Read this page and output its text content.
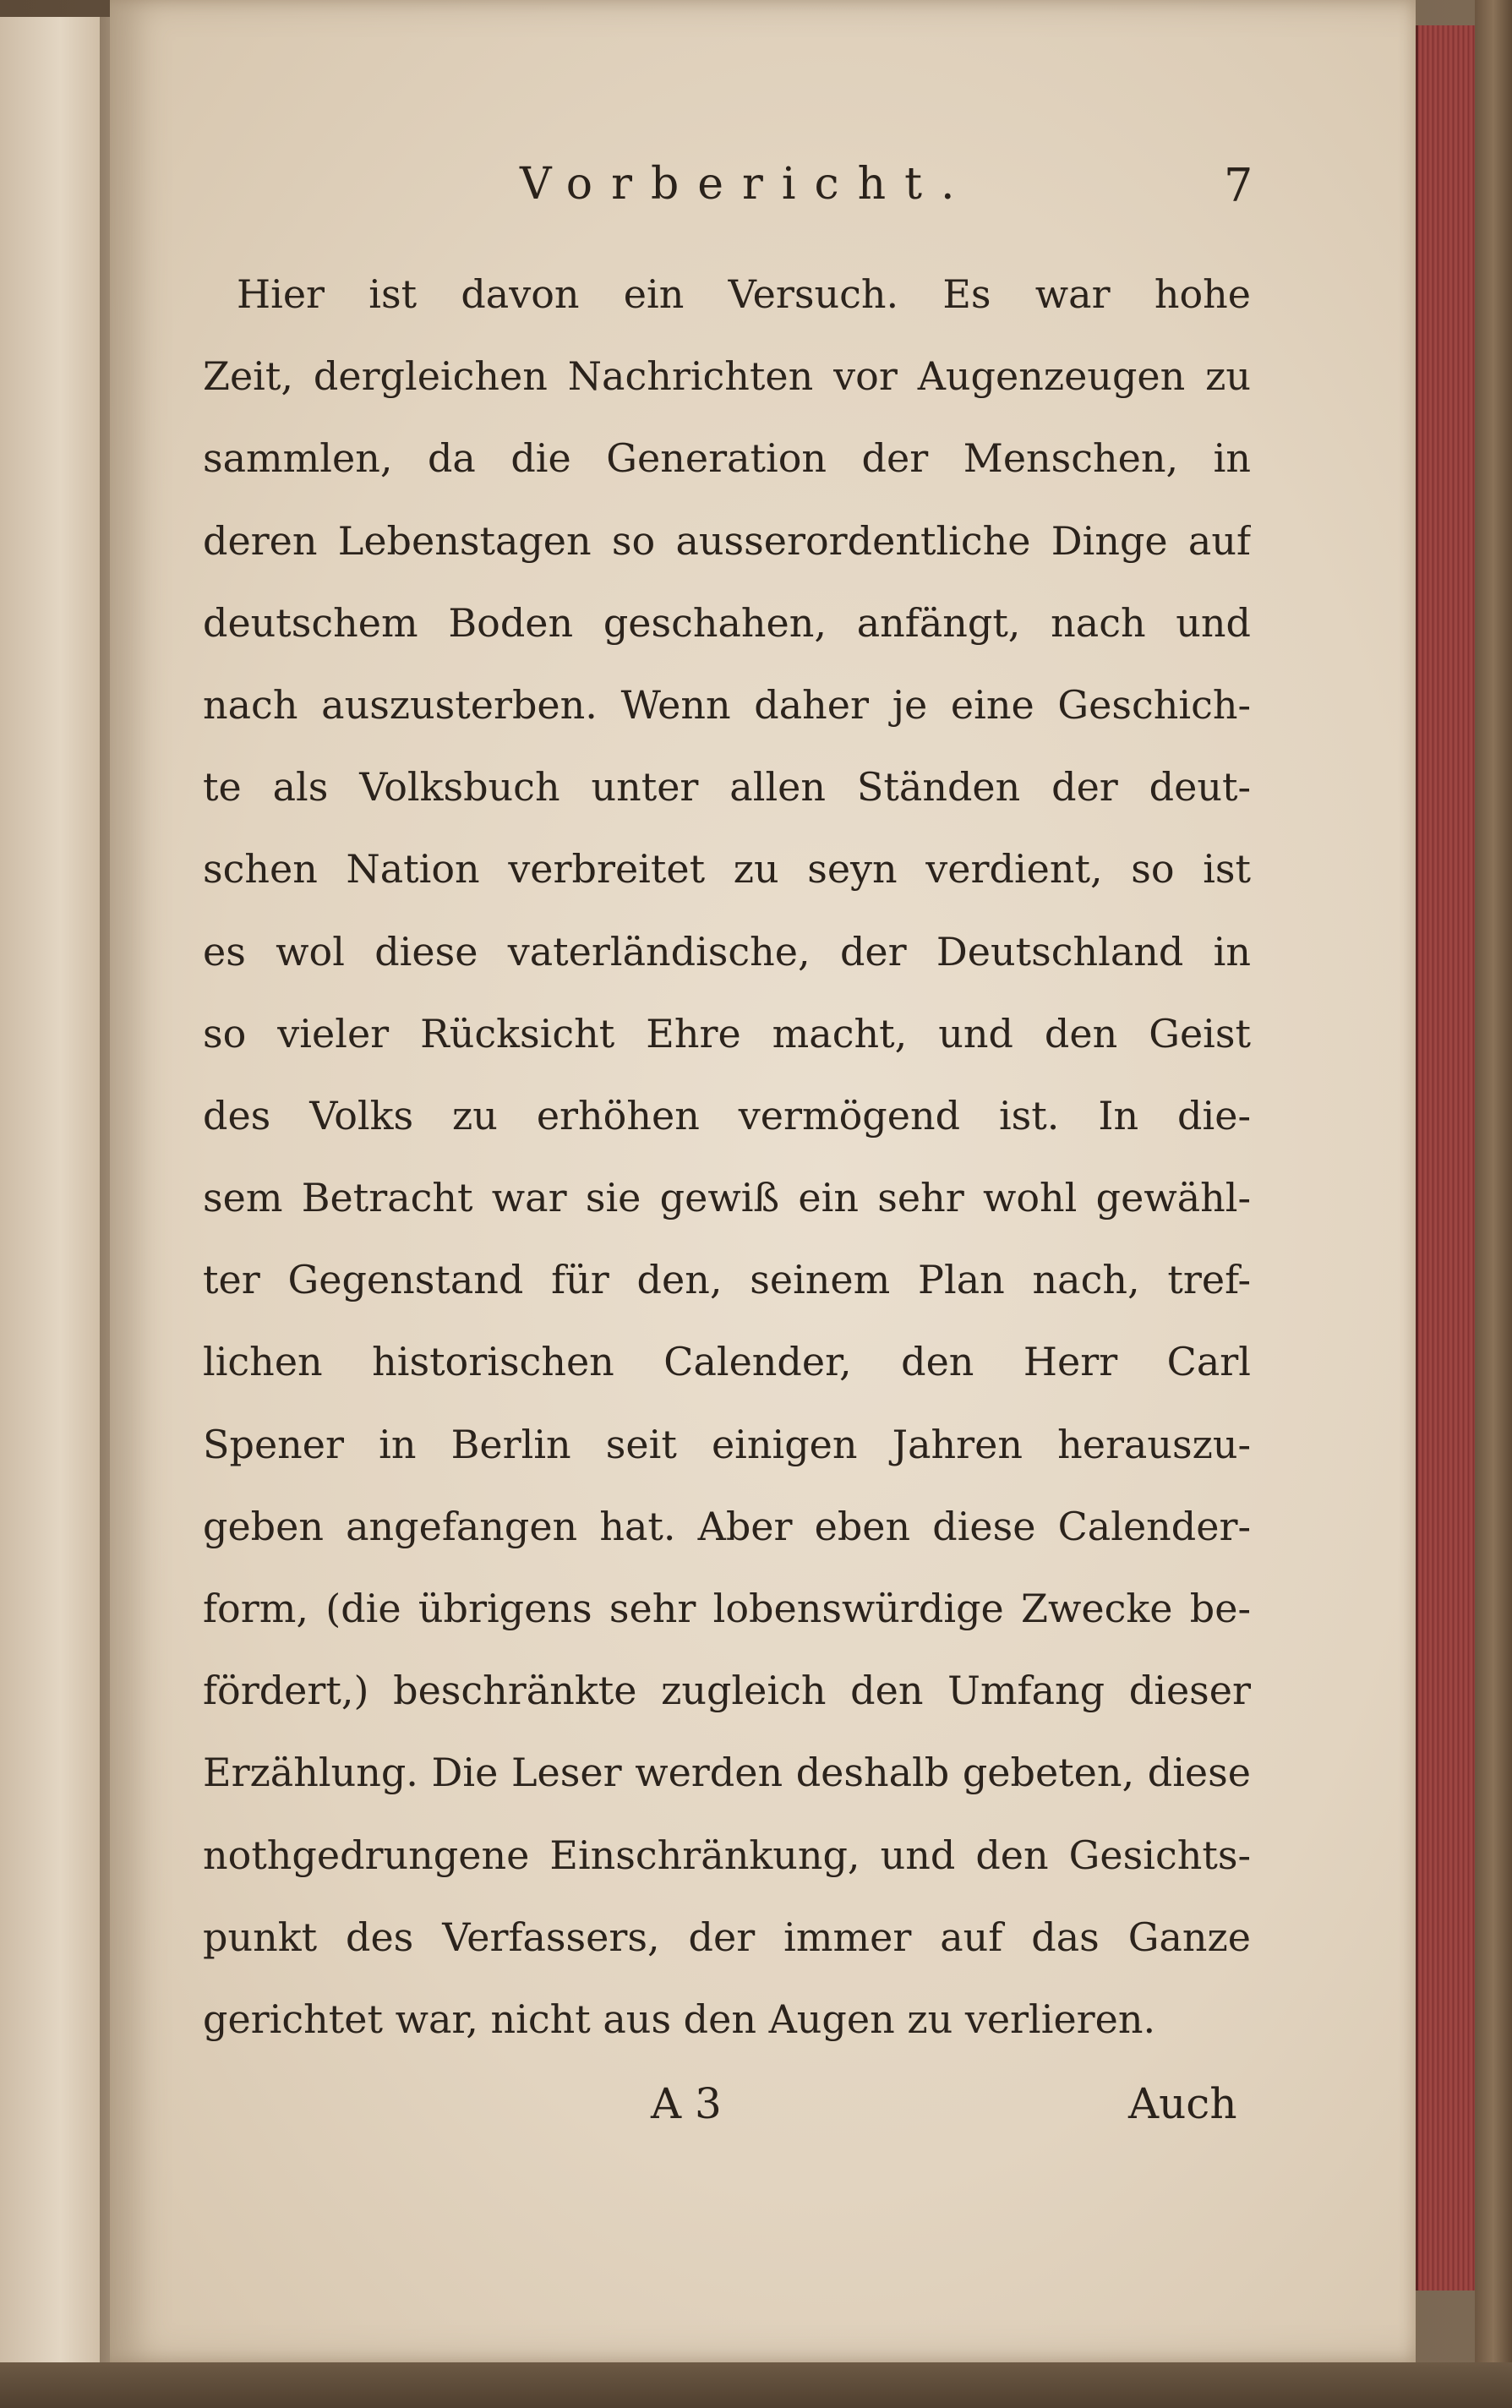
Vorbericht.	7
Hier ist davon ein Versuch. Es war hohe
Zeit, dergleichen Nachrichten vor Augenzeugen zu
sammlen, da die Generation der Menschen, in
deren Lebenstagen so ausserordentliche Dinge auf
deutschem Boden geschahen, anfängt, nach und
nach auszusterben. Wenn daher je eine Geschich-
te als Volksbuch unter allen Ständen der deut-
schen Nation verbreitet zu seyn verdient, so ist
es wol diese vaterländische, der Deutschland in
so vieler Rücksicht Ehre macht, und den Geist
des Volks zu erhöhen vermögend ist. In die-
sem Betracht war sie gewiß ein sehr wohl gewähl-
ter Gegenstand für den, seinem Plan nach, tref-
lichen historischen Calender, den Herr Carl
Spener in Berlin seit einigen Jahren herauszu-
geben angefangen hat. Aber eben diese Calender-
form, (die übrigens sehr lobenswürdige Zwecke be-
fördert,) beschränkte zugleich den Umfang dieser
Erzählung. Die Leser werden deshalb gebeten, diese
nothgedrungene Einschränkung, und den Gesichts-
punkt des Verfassers, der immer auf das Ganze
gerichtet war, nicht aus den Augen zu verlieren.
A 3	Auch
